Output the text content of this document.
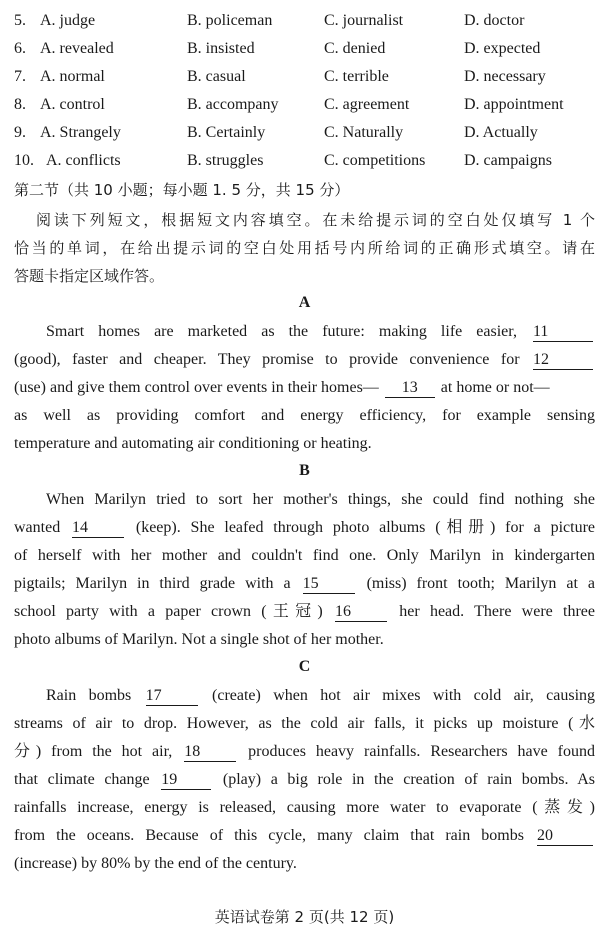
5. A. judge	B. policeman	C. journalist	D. doctor
6. A. revealed	B. insisted	C. denied	D. expected
7. A. normal	B. casual	C. terrible	D. necessary
8. A. control	B. accompany	C. agreement	D. appointment
9. A. Strangely	B. Certainly	C. Naturally	D. Actually
10. A. conflicts	B. struggles	C. competitions D. campaigns
第二节（共 10 小题；每小题 1. 5 分，共 15 分）
阅读下列短文，根据短文内容填空。在未给提示词的空白处仅填写 1 个
恰当的单词，在给出提示词的空白处用括号内所给词的正确形式填空。请在
答题卡指定区域作答。
A
Smart homes are marketed as the future: making life easier, 11
(good), faster and cheaper. They promise to provide convenience for 12
(use) and give them control over events in their homes— 13 at home or not—
as well as providing comfort and energy efficiency, for example sensing
temperature and automating air conditioning or heating.
B
When Marilyn tried to sort her mother's things, she could find nothing she
wanted 14	(keep). She leafed through photo albums (相册) for a picture
of herself with her mother and couldn't find one. Only Marilyn in kindergarten
pigtails; Marilyn in third grade with a 15	(miss) front tooth; Marilyn at a
school party with a paper crown (王冠) 16	her head. There were three
photo albums of Marilyn. Not a single shot of her mother.
C
Rain bombs 17	(create) when hot air mixes with cold air, causing
streams of air to drop. However, as the cold air falls, it picks up moisture (水
分) from the hot air, 18	produces heavy rainfalls. Researchers have found
that climate change 19	(play) a big role in the creation of rain bombs. As
rainfalls increase, energy is released, causing more water to evaporate (蒸发)
from the oceans. Because of this cycle, many claim that rain bombs 20
(increase) by 80% by the end of the century.
英语试卷第 2 页(共 12 页)
